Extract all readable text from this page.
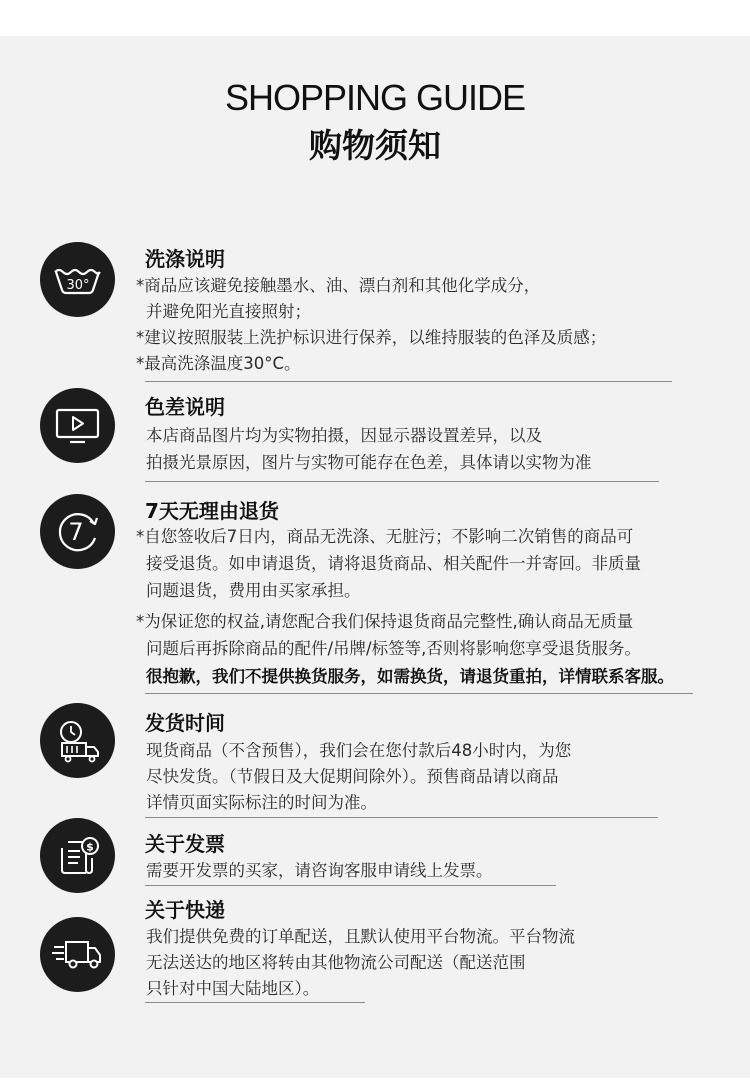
SHOPPING GUIDE
购物须知
30°
洗涤说明
*商品应该避免接触墨水、油、漂白剂和其他化学成分，
并避免阳光直接照射；
*建议按照服装上洗护标识进行保养，以维持服装的色泽及质感；
*最高洗涤温度30°C。
色差说明
本店商品图片均为实物拍摄，因显示器设置差异，以及
拍摄光景原因，图片与实物可能存在色差，具体请以实物为准
7
7天无理由退货
*自您签收后7日内，商品无洗涤、无脏污；不影响二次销售的商品可
接受退货。如申请退货，请将退货商品、相关配件一并寄回。非质量
问题退货，费用由买家承担。
*为保证您的权益,请您配合我们保持退货商品完整性,确认商品无质量
问题后再拆除商品的配件/吊牌/标签等,否则将影响您享受退货服务。
很抱歉，我们不提供换货服务，如需换货，请退货重拍，详情联系客服。
发货时间
现货商品（不含预售），我们会在您付款后48小时内，为您
尽快发货。（节假日及大促期间除外）。预售商品请以商品
详情页面实际标注的时间为准。
$	关于发票
需要开发票的买家，请咨询客服申请线上发票。
关于快递
我们提供免费的订单配送，且默认使用平台物流。平台物流
无法送达的地区将转由其他物流公司配送（配送范围
只针对中国大陆地区）。
